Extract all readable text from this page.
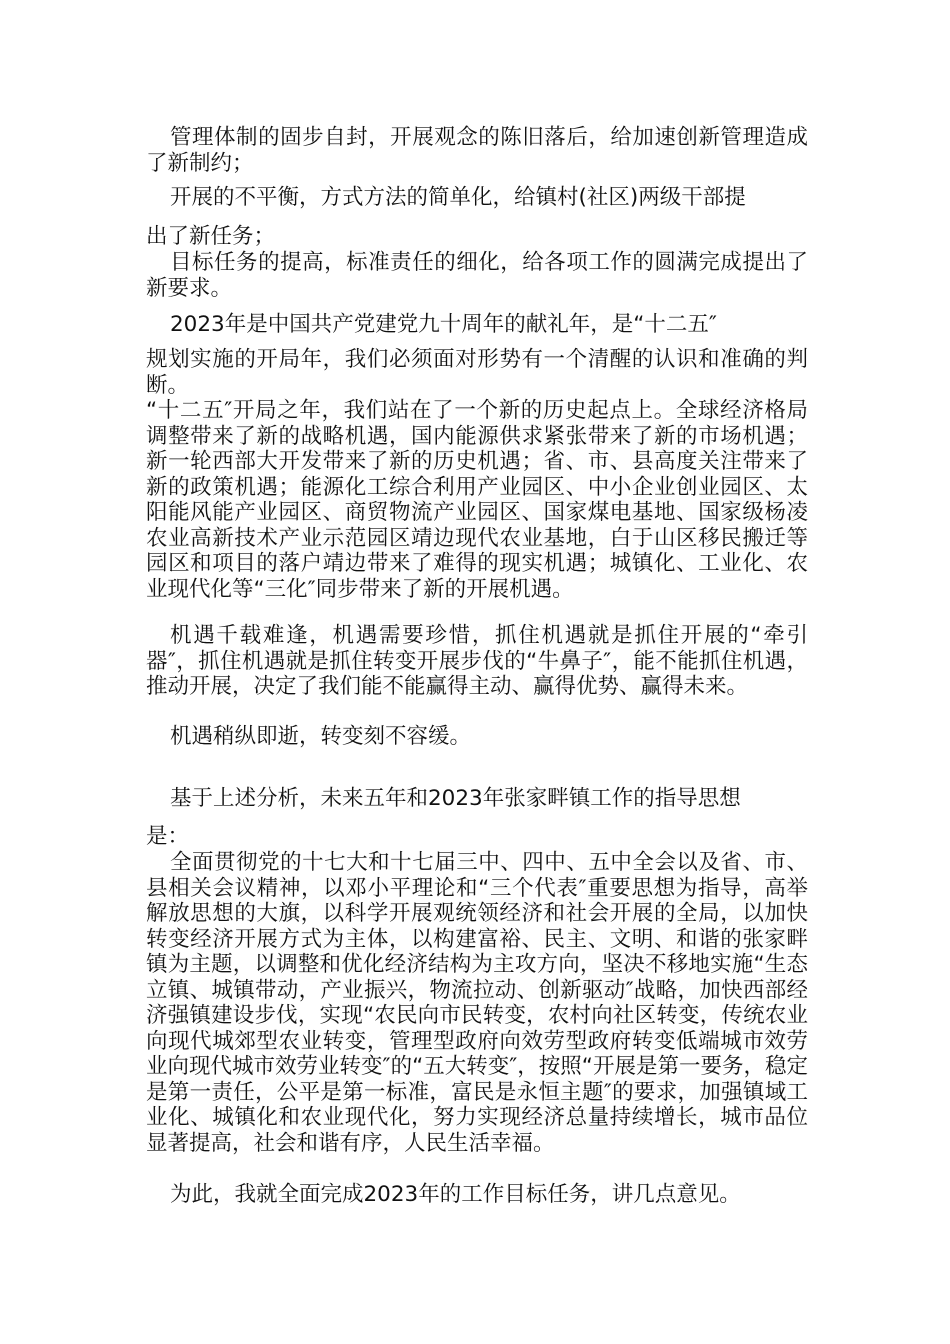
管理体制的固步自封，开展观念的陈旧落后，给加速创新管理造成了新制约；

开展的不平衡，方式方法的简单化，给镇村(社区)两级干部提

出了新任务；

目标任务的提高，标准责任的细化，给各项工作的圆满完成提出了新要求。

2023年是中国共产党建党九十周年的献礼年，是“十二五″

规划实施的开局年，我们必须面对形势有一个清醒的认识和准确的判断。

“十二五″开局之年，我们站在了一个新的历史起点上。全球经济格局调整带来了新的战略机遇，国内能源供求紧张带来了新的市场机遇；新一轮西部大开发带来了新的历史机遇；省、市、县高度关注带来了新的政策机遇；能源化工综合利用产业园区、中小企业创业园区、太阳能风能产业园区、商贸物流产业园区、国家煤电基地、国家级杨凌农业高新技术产业示范园区靖边现代农业基地，白于山区移民搬迁等园区和项目的落户靖边带来了难得的现实机遇；城镇化、工业化、农业现代化等“三化″同步带来了新的开展机遇。

机遇千载难逢，机遇需要珍惜，抓住机遇就是抓住开展的“牵引器″，抓住机遇就是抓住转变开展步伐的“牛鼻子″，能不能抓住机遇，推动开展，决定了我们能不能赢得主动、赢得优势、赢得未来。

机遇稍纵即逝，转变刻不容缓。

基于上述分析，未来五年和2023年张家畔镇工作的指导思想

是：

全面贯彻党的十七大和十七届三中、四中、五中全会以及省、市、县相关会议精神，以邓小平理论和“三个代表″重要思想为指导，高举解放思想的大旗，以科学开展观统领经济和社会开展的全局，以加快转变经济开展方式为主体，以构建富裕、民主、文明、和谐的张家畔镇为主题，以调整和优化经济结构为主攻方向，坚决不移地实施“生态立镇、城镇带动，产业振兴，物流拉动、创新驱动″战略，加快西部经济强镇建设步伐，实现“农民向市民转变，农村向社区转变，传统农业向现代城郊型农业转变，管理型政府向效劳型政府转变低端城市效劳业向现代城市效劳业转变″的“五大转变″，按照“开展是第一要务，稳定是第一责任，公平是第一标准，富民是永恒主题″的要求，加强镇域工业化、城镇化和农业现代化，努力实现经济总量持续增长，城市品位显著提高，社会和谐有序，人民生活幸福。

为此，我就全面完成2023年的工作目标任务，讲几点意见。
